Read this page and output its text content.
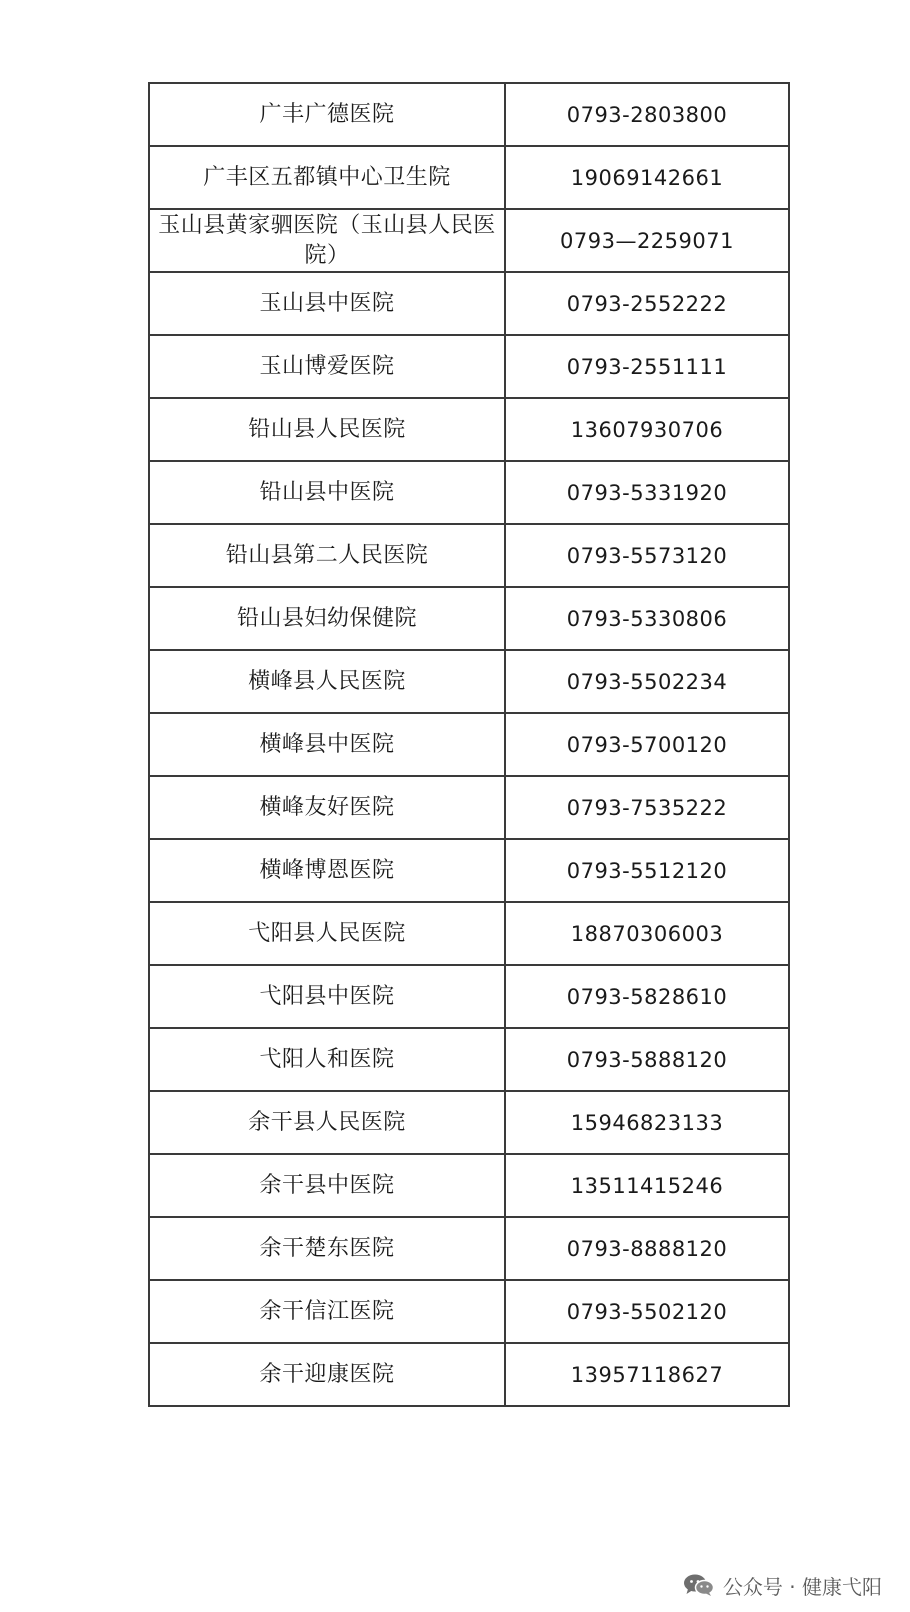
广丰广德医院	0793-2803800
广丰区五都镇中心卫生院	19069142661
玉山县黄家驷医院（玉山县人民医院）	0793—2259071
玉山县中医院	0793-2552222
玉山博爱医院	0793-2551111
铅山县人民医院	13607930706
铅山县中医院	0793-5331920
铅山县第二人民医院	0793-5573120
铅山县妇幼保健院	0793-5330806
横峰县人民医院	0793-5502234
横峰县中医院	0793-5700120
横峰友好医院	0793-7535222
横峰博恩医院	0793-5512120
弋阳县人民医院	18870306003
弋阳县中医院	0793-5828610
弋阳人和医院	0793-5888120
余干县人民医院	15946823133
余干县中医院	13511415246
余干楚东医院	0793-8888120
余干信江医院	0793-5502120
余干迎康医院	13957118627
公众号 · 健康弋阳
